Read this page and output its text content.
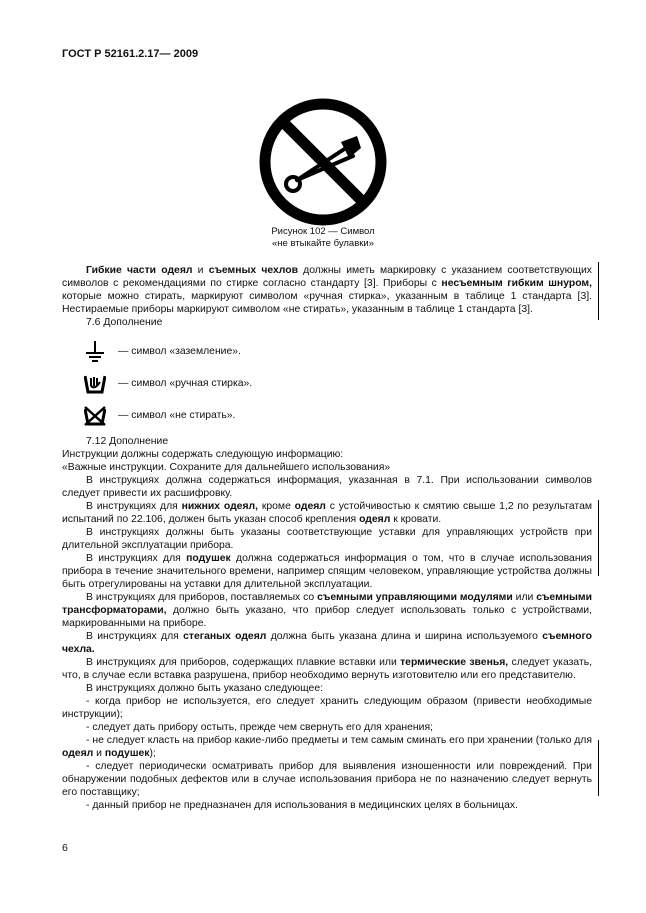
ГОСТ Р 52161.2.17— 2009
Рисунок 102 — Символ
«не втыкайте булавки»

Гибкие части одеял и съемных чехлов должны иметь маркировку с указанием соответствующих символов с рекомендациями по стирке согласно стандарту [3]. Приборы с несъемным гибким шнуром, которые можно стирать, маркируют символом «ручная стирка», указанным в таблице 1 стандарта [3]. Нестираемые приборы маркируют символом «не стирать», указанным в таблице 1 стандарта [3].

7.6 Дополнение

— символ «заземление».
— символ «ручная стирка».
— символ «не стирать».

7.12 Дополнение

Инструкции должны содержать следующую информацию:

«Важные инструкции. Сохраните для дальнейшего использования»

В инструкциях должна содержаться информация, указанная в 7.1. При использовании символов следует привести их расшифровку.

В инструкциях для нижних одеял, кроме одеял с устойчивостью к смятию свыше 1,2 по результатам испытаний по 22.106, должен быть указан способ крепления одеял к кровати.

В инструкциях должны быть указаны соответствующие уставки для управляющих устройств при длительной эксплуатации прибора.

В инструкциях для подушек должна содержаться информация о том, что в случае использования прибора в течение значительного времени, например спящим человеком, управляющие устройства должны быть отрегулированы на уставки для длительной эксплуатации.

В инструкциях для приборов, поставляемых со съемными управляющими модулями или съемными трансформаторами, должно быть указано, что прибор следует использовать только с устройствами, маркированными на приборе.

В инструкциях для стеганых одеял должна быть указана длина и ширина используемого съемного чехла.

В инструкциях для приборов, содержащих плавкие вставки или термические звенья, следует указать, что, в случае если вставка разрушена, прибор необходимо вернуть изготовителю или его представителю.

В инструкциях должно быть указано следующее:

- когда прибор не используется, его следует хранить следующим образом (привести необходимые инструкции);

- следует дать прибору остыть, прежде чем свернуть его для хранения;

- не следует класть на прибор какие-либо предметы и тем самым сминать его при хранении (только для одеял и подушек);

- следует периодически осматривать прибор для выявления изношенности или повреждений. При обнаружении подобных дефектов или в случае использования прибора не по назначению следует вернуть его поставщику;

- данный прибор не предназначен для использования в медицинских целях в больницах.

6
